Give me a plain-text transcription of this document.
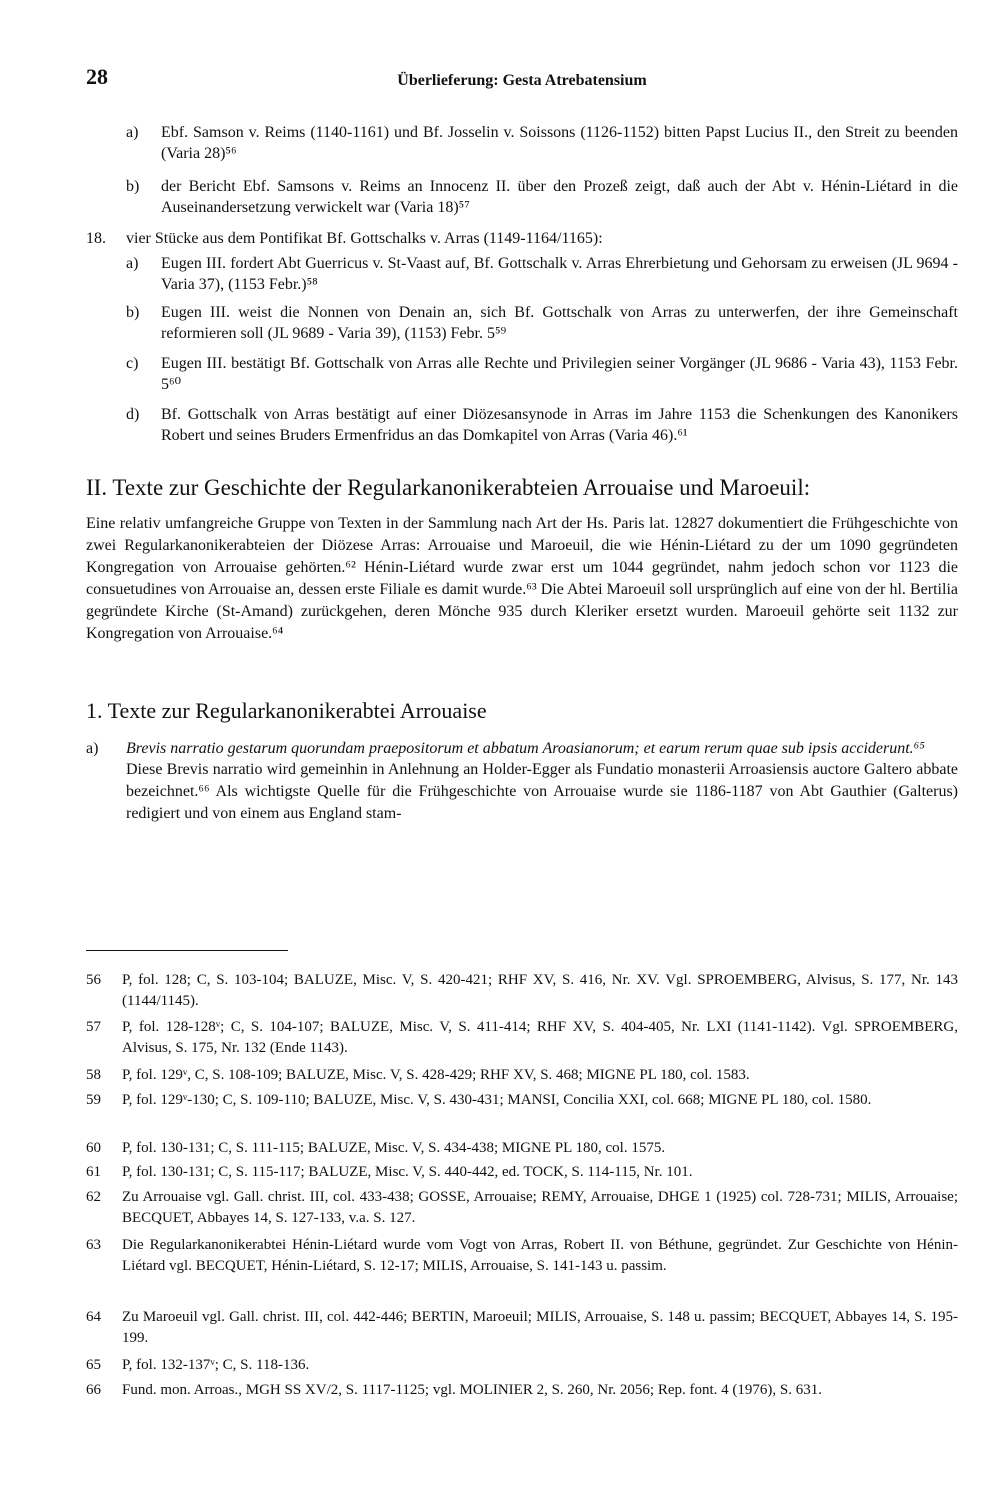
28	Überlieferung: Gesta Atrebatensium
a) Ebf. Samson v. Reims (1140-1161) und Bf. Josselin v. Soissons (1126-1152) bitten Papst Lucius II., den Streit zu beenden (Varia 28)⁵⁶
b) der Bericht Ebf. Samsons v. Reims an Innocenz II. über den Prozeß zeigt, daß auch der Abt v. Hénin-Liétard in die Auseinandersetzung verwickelt war (Varia 18)⁵⁷
18. vier Stücke aus dem Pontifikat Bf. Gottschalks v. Arras (1149-1164/1165):
a) Eugen III. fordert Abt Guerricus v. St-Vaast auf, Bf. Gottschalk v. Arras Ehrerbietung und Gehorsam zu erweisen (JL 9694 - Varia 37), (1153 Febr.)⁵⁸
b) Eugen III. weist die Nonnen von Denain an, sich Bf. Gottschalk von Arras zu unterwerfen, der ihre Gemeinschaft reformieren soll (JL 9689 - Varia 39), (1153) Febr. 5⁵⁹
c) Eugen III. bestätigt Bf. Gottschalk von Arras alle Rechte und Privilegien seiner Vorgänger (JL 9686 - Varia 43), 1153 Febr. 5⁶⁰
d) Bf. Gottschalk von Arras bestätigt auf einer Diözesansynode in Arras im Jahre 1153 die Schenkungen des Kanonikers Robert und seines Bruders Ermenfridus an das Domkapitel von Arras (Varia 46).⁶¹
II. Texte zur Geschichte der Regularkanonikerabteien Arrouaise und Maroeuil:
Eine relativ umfangreiche Gruppe von Texten in der Sammlung nach Art der Hs. Paris lat. 12827 dokumentiert die Frühgeschichte von zwei Regularkanonikerabteien der Diözese Arras: Arrouaise und Maroeuil, die wie Hénin-Liétard zu der um 1090 gegründeten Kongregation von Arrouaise gehörten.⁶² Hénin-Liétard wurde zwar erst um 1044 gegründet, nahm jedoch schon vor 1123 die consuetudines von Arrouaise an, dessen erste Filiale es damit wurde.⁶³ Die Abtei Maroeuil soll ursprünglich auf eine von der hl. Bertilia gegründete Kirche (St-Amand) zurückgehen, deren Mönche 935 durch Kleriker ersetzt wurden. Maroeuil gehörte seit 1132 zur Kongregation von Arrouaise.⁶⁴
1. Texte zur Regularkanonikerabtei Arrouaise
a) Brevis narratio gestarum quorundam praepositorum et abbatum Aroasianorum; et earum rerum quae sub ipsis acciderunt.⁶⁵
Diese Brevis narratio wird gemeinhin in Anlehnung an Holder-Egger als Fundatio monasterii Arroasiensis auctore Galtero abbate bezeichnet.⁶⁶ Als wichtigste Quelle für die Frühgeschichte von Arrouaise wurde sie 1186-1187 von Abt Gauthier (Galterus) redigiert und von einem aus England stam-
56 P, fol. 128; C, S. 103-104; BALUZE, Misc. V, S. 420-421; RHF XV, S. 416, Nr. XV. Vgl. SPROEMBERG, Alvisus, S. 177, Nr. 143 (1144/1145).
57 P, fol. 128-128ᵛ; C, S. 104-107; BALUZE, Misc. V, S. 411-414; RHF XV, S. 404-405, Nr. LXI (1141-1142). Vgl. SPROEMBERG, Alvisus, S. 175, Nr. 132 (Ende 1143).
58 P, fol. 129ᵛ, C, S. 108-109; BALUZE, Misc. V, S. 428-429; RHF XV, S. 468; MIGNE PL 180, col. 1583.
59 P, fol. 129ᵛ-130; C, S. 109-110; BALUZE, Misc. V, S. 430-431; MANSI, Concilia XXI, col. 668; MIGNE PL 180, col. 1580.
60 P, fol. 130-131; C, S. 111-115; BALUZE, Misc. V, S. 434-438; MIGNE PL 180, col. 1575.
61 P, fol. 130-131; C, S. 115-117; BALUZE, Misc. V, S. 440-442, ed. TOCK, S. 114-115, Nr. 101.
62 Zu Arrouaise vgl. Gall. christ. III, col. 433-438; GOSSE, Arrouaise; REMY, Arrouaise, DHGE 1 (1925) col. 728-731; MILIS, Arrouaise; BECQUET, Abbayes 14, S. 127-133, v.a. S. 127.
63 Die Regularkanonikerabtei Hénin-Liétard wurde vom Vogt von Arras, Robert II. von Béthune, gegründet. Zur Geschichte von Hénin-Liétard vgl. BECQUET, Hénin-Liétard, S. 12-17; MILIS, Arrouaise, S. 141-143 u. passim.
64 Zu Maroeuil vgl. Gall. christ. III, col. 442-446; BERTIN, Maroeuil; MILIS, Arrouaise, S. 148 u. passim; BECQUET, Abbayes 14, S. 195-199.
65 P, fol. 132-137ᵛ; C, S. 118-136.
66 Fund. mon. Arroas., MGH SS XV/2, S. 1117-1125; vgl. MOLINIER 2, S. 260, Nr. 2056; Rep. font. 4 (1976), S. 631.
